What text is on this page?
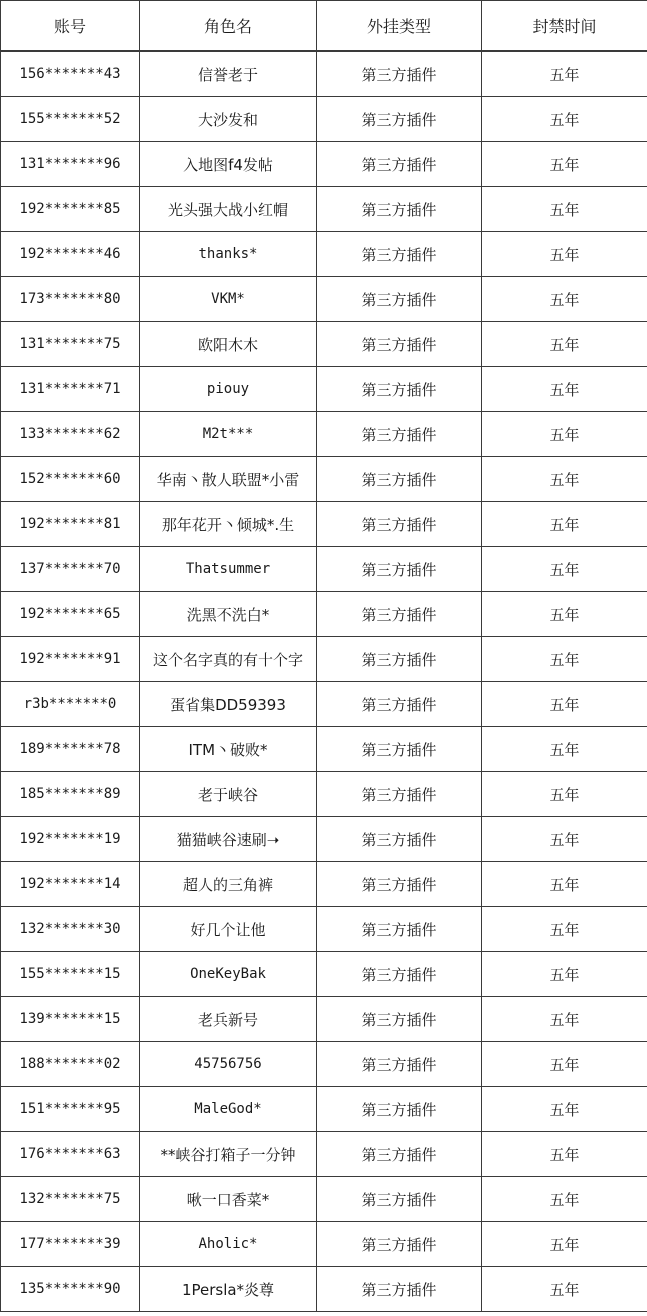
账号	角色名	外挂类型	封禁时间
156*******43	信誉老于	第三方插件	五年
155*******52	大沙发和	第三方插件	五年
131*******96	入地图f4发帖	第三方插件	五年
192*******85	光头强大战小红帽	第三方插件	五年
192*******46	thanks*	第三方插件	五年
173*******80	VKM*	第三方插件	五年
131*******75	欧阳木木	第三方插件	五年
131*******71	piouy	第三方插件	五年
133*******62	M2t***	第三方插件	五年
152*******60	华南丶散人联盟*小雷	第三方插件	五年
192*******81	那年花开丶倾城*.生	第三方插件	五年
137*******70	Thatsummer	第三方插件	五年
192*******65	洗黑不洗白*	第三方插件	五年
192*******91	这个名字真的有十个字	第三方插件	五年
r3b*******0	蛋省集DD59393	第三方插件	五年
189*******78	ITM丶破败*	第三方插件	五年
185*******89	老于峡谷	第三方插件	五年
192*******19	猫猫峡谷速刷➝	第三方插件	五年
192*******14	超人的三角裤	第三方插件	五年
132*******30	好几个让他	第三方插件	五年
155*******15	OneKeyBak	第三方插件	五年
139*******15	老兵新号	第三方插件	五年
188*******02	45756756	第三方插件	五年
151*******95	MaleGod*	第三方插件	五年
176*******63	**峡谷打箱子一分钟	第三方插件	五年
132*******75	啾一口香菜*	第三方插件	五年
177*******39	Aholic*	第三方插件	五年
135*******90	1Persla*炎尊	第三方插件	五年
